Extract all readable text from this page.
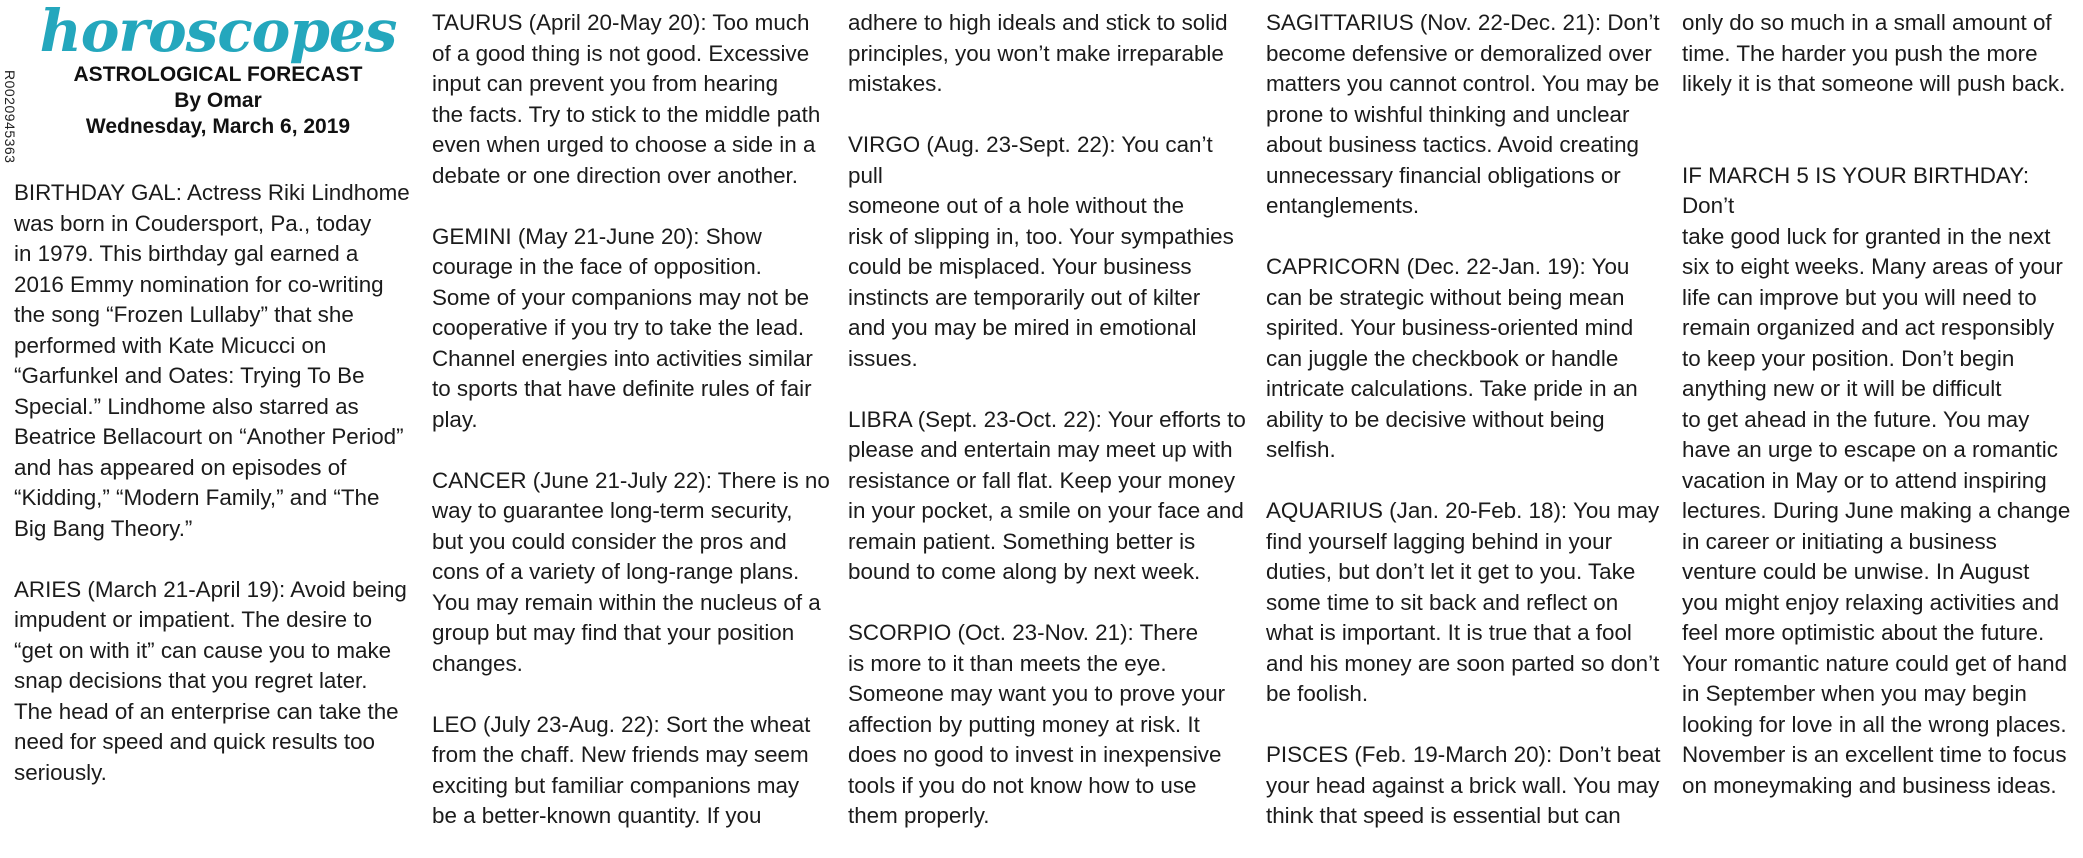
R0020945363
horoscopes
ASTROLOGICAL FORECAST
By Omar
Wednesday, March 6, 2019

BIRTHDAY GAL: Actress Riki Lindhome
was born in Coudersport, Pa., today
in 1979. This birthday gal earned a
2016 Emmy nomination for co-writing
the song “Frozen Lullaby” that she
performed with Kate Micucci on
“Garfunkel and Oates: Trying To Be
Special.” Lindhome also starred as
Beatrice Bellacourt on “Another Period”
and has appeared on episodes of
“Kidding,” “Modern Family,” and “The
Big Bang Theory.”

ARIES (March 21-April 19): Avoid being
impudent or impatient. The desire to
“get on with it” can cause you to make
snap decisions that you regret later.
The head of an enterprise can take the
need for speed and quick results too
seriously.

TAURUS (April 20-May 20): Too much
of a good thing is not good. Excessive
input can prevent you from hearing
the facts. Try to stick to the middle path
even when urged to choose a side in a
debate or one direction over another.

GEMINI (May 21-June 20): Show
courage in the face of opposition.
Some of your companions may not be
cooperative if you try to take the lead.
Channel energies into activities similar
to sports that have definite rules of fair
play.

CANCER (June 21-July 22): There is no
way to guarantee long-term security,
but you could consider the pros and
cons of a variety of long-range plans.
You may remain within the nucleus of a
group but may find that your position
changes.

LEO (July 23-Aug. 22): Sort the wheat
from the chaff. New friends may seem
exciting but familiar companions may
be a better-known quantity. If you

adhere to high ideals and stick to solid
principles, you won’t make irreparable
mistakes.

VIRGO (Aug. 23-Sept. 22): You can’t pull
someone out of a hole without the
risk of slipping in, too. Your sympathies
could be misplaced. Your business
instincts are temporarily out of kilter
and you may be mired in emotional
issues.

LIBRA (Sept. 23-Oct. 22): Your efforts to
please and entertain may meet up with
resistance or fall flat. Keep your money
in your pocket, a smile on your face and
remain patient. Something better is
bound to come along by next week.

SCORPIO (Oct. 23-Nov. 21): There
is more to it than meets the eye.
Someone may want you to prove your
affection by putting money at risk. It
does no good to invest in inexpensive
tools if you do not know how to use
them properly.

SAGITTARIUS (Nov. 22-Dec. 21): Don’t
become defensive or demoralized over
matters you cannot control. You may be
prone to wishful thinking and unclear
about business tactics. Avoid creating
unnecessary financial obligations or
entanglements.

CAPRICORN (Dec. 22-Jan. 19): You
can be strategic without being mean
spirited. Your business-oriented mind
can juggle the checkbook or handle
intricate calculations. Take pride in an
ability to be decisive without being
selfish.

AQUARIUS (Jan. 20-Feb. 18): You may
find yourself lagging behind in your
duties, but don’t let it get to you. Take
some time to sit back and reflect on
what is important. It is true that a fool
and his money are soon parted so don’t
be foolish.

PISCES (Feb. 19-March 20): Don’t beat
your head against a brick wall. You may
think that speed is essential but can

only do so much in a small amount of
time. The harder you push the more
likely it is that someone will push back.

IF MARCH 5 IS YOUR BIRTHDAY: Don’t
take good luck for granted in the next
six to eight weeks. Many areas of your
life can improve but you will need to
remain organized and act responsibly
to keep your position. Don’t begin
anything new or it will be difficult
to get ahead in the future. You may
have an urge to escape on a romantic
vacation in May or to attend inspiring
lectures. During June making a change
in career or initiating a business
venture could be unwise. In August
you might enjoy relaxing activities and
feel more optimistic about the future.
Your romantic nature could get of hand
in September when you may begin
looking for love in all the wrong places.
November is an excellent time to focus
on moneymaking and business ideas.
